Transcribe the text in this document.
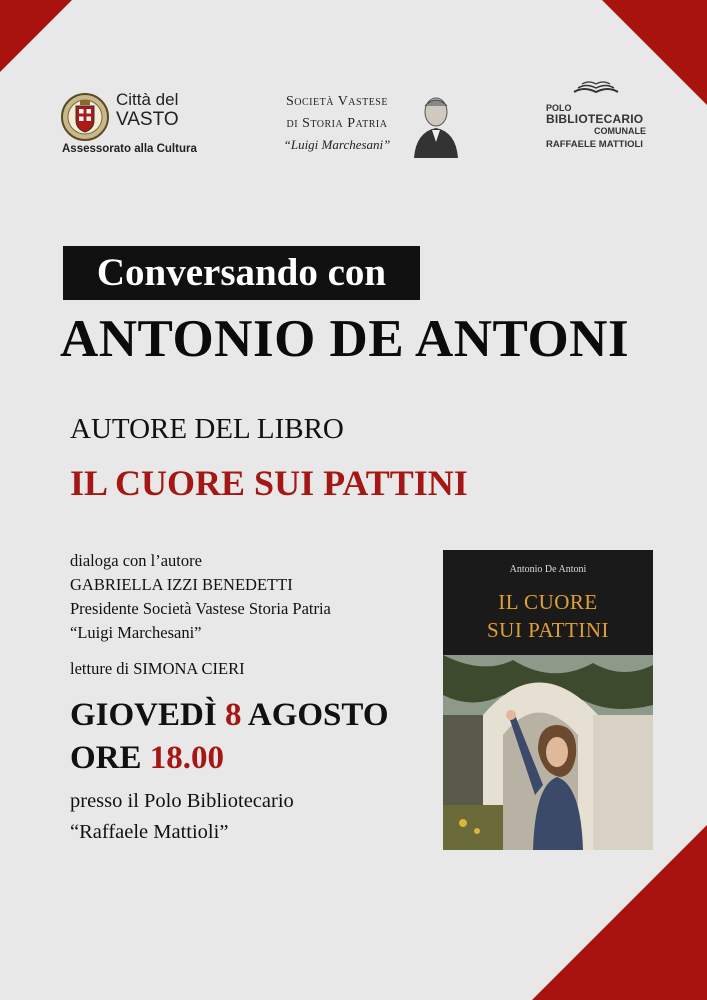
Città del
VASTO
Assessorato alla Cultura
Società Vastese
di Storia Patria
“Luigi Marchesani”
POLO
BIBLIOTECARIO
COMUNALE
RAFFAELE MATTIOLI
Conversando con
ANTONIO DE ANTONI
AUTORE DEL LIBRO
IL CUORE SUI PATTINI
dialoga con l’autore
GABRIELLA IZZI BENEDETTI
Presidente Società Vastese Storia Patria
“Luigi Marchesani”
letture di SIMONA CIERI
GIOVEDÌ 8 AGOSTO
ORE 18.00
presso il Polo Bibliotecario
“Raffaele Mattioli”
Antonio De Antoni
IL CUORE
SUI PATTINI
